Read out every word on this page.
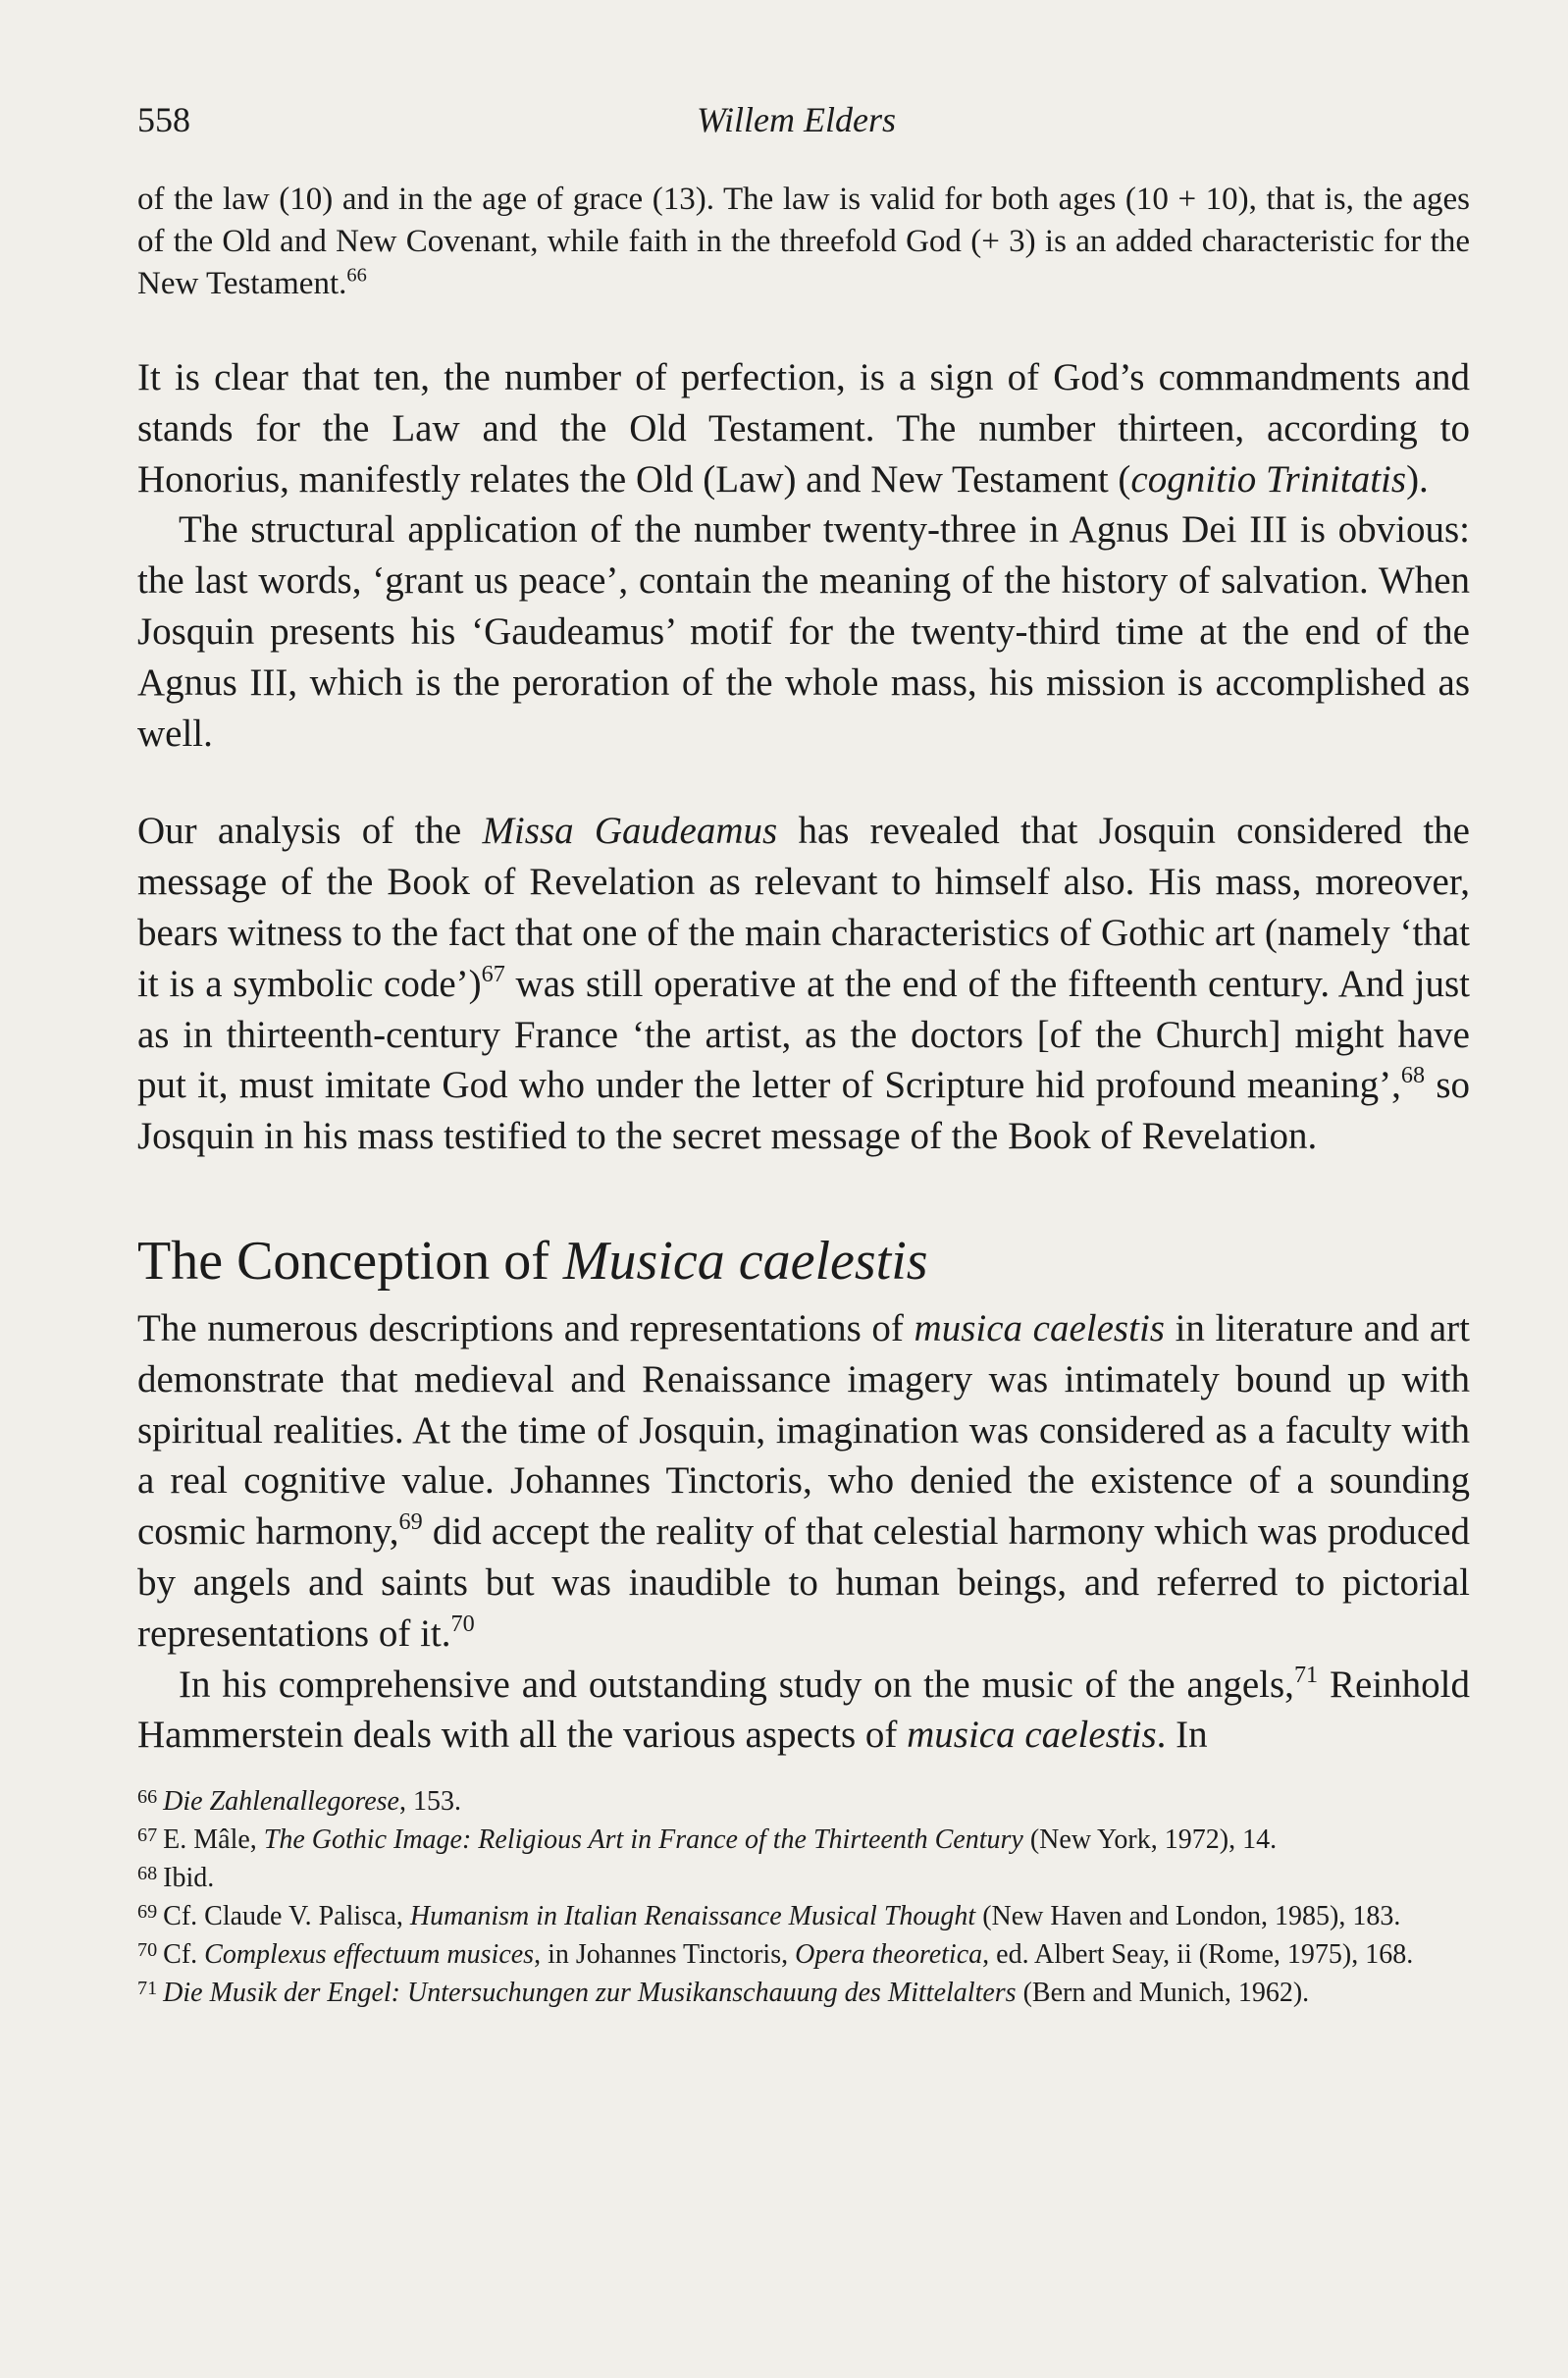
558	Willem Elders

of the law (10) and in the age of grace (13). The law is valid for both ages (10 + 10), that is, the ages of the Old and New Covenant, while faith in the threefold God (+ 3) is an added characteristic for the New Testament.$^{66}$

It is clear that ten, the number of perfection, is a sign of God’s commandments and stands for the Law and the Old Testament. The number thirteen, according to Honorius, manifestly relates the Old (Law) and New Testament (cognitio Trinitatis).

The structural application of the number twenty-three in Agnus Dei III is obvious: the last words, ‘grant us peace’, contain the meaning of the history of salvation. When Josquin presents his ‘Gaudeamus’ motif for the twenty-third time at the end of the Agnus III, which is the peroration of the whole mass, his mission is accomplished as well.

Our analysis of the Missa Gaudeamus has revealed that Josquin considered the message of the Book of Revelation as relevant to himself also. His mass, moreover, bears witness to the fact that one of the main characteristics of Gothic art (namely ‘that it is a symbolic code’)$^{67}$ was still operative at the end of the fifteenth century. And just as in thirteenth-century France ‘the artist, as the doctors [of the Church] might have put it, must imitate God who under the letter of Scripture hid profound meaning’,$^{68}$ so Josquin in his mass testified to the secret message of the Book of Revelation.

The Conception of Musica caelestis

The numerous descriptions and representations of musica caelestis in literature and art demonstrate that medieval and Renaissance imagery was intimately bound up with spiritual realities. At the time of Josquin, imagination was considered as a faculty with a real cognitive value. Johannes Tinctoris, who denied the existence of a sounding cosmic harmony,$^{69}$ did accept the reality of that celestial harmony which was produced by angels and saints but was inaudible to human beings, and referred to pictorial representations of it.$^{70}$

In his comprehensive and outstanding study on the music of the angels,$^{71}$ Reinhold Hammerstein deals with all the various aspects of musica caelestis. In

$^{66}$ Die Zahlenallegorese, 153.

$^{67}$ E. Mâle, The Gothic Image: Religious Art in France of the Thirteenth Century (New York, 1972), 14.

$^{68}$ Ibid.

$^{69}$ Cf. Claude V. Palisca, Humanism in Italian Renaissance Musical Thought (New Haven and London, 1985), 183.

$^{70}$ Cf. Complexus effectuum musices, in Johannes Tinctoris, Opera theoretica, ed. Albert Seay, ii (Rome, 1975), 168.

$^{71}$ Die Musik der Engel: Untersuchungen zur Musikanschauung des Mittelalters (Bern and Munich, 1962).
